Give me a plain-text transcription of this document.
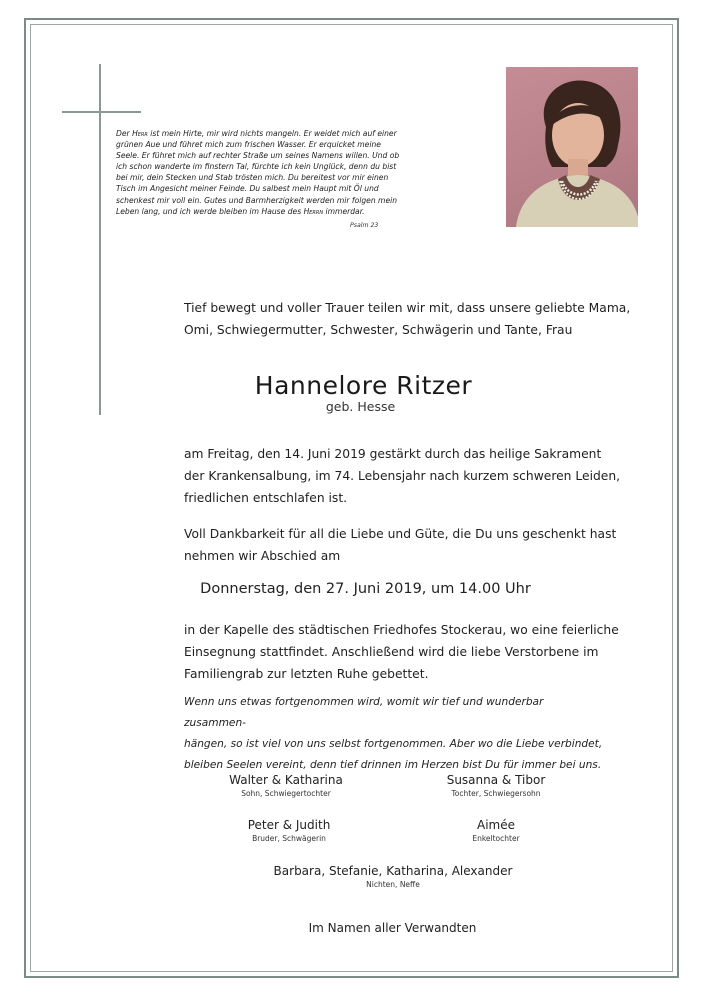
Der Herr ist mein Hirte, mir wird nichts mangeln. Er weidet mich auf einer grünen Aue und führet mich zum frischen Wasser. Er erquicket meine Seele. Er führet mich auf rechter Straße um seines Namens willen. Und ob ich schon wanderte im finstern Tal, fürchte ich kein Unglück, denn du bist bei mir, dein Stecken und Stab trösten mich. Du bereitest vor mir einen Tisch im Angesicht meiner Feinde. Du salbest mein Haupt mit Öl und schenkest mir voll ein. Gutes und Barmherzigkeit werden mir folgen mein Leben lang, und ich werde bleiben im Hause des Herrn immerdar.
Psalm 23
Tief bewegt und voller Trauer teilen wir mit, dass unsere geliebte Mama,
Omi, Schwiegermutter, Schwester, Schwägerin und Tante, Frau
Hannelore Ritzer
geb. Hesse
am Freitag, den 14. Juni 2019 gestärkt durch das heilige Sakrament
der Krankensalbung, im 74. Lebensjahr nach kurzem schweren Leiden,
friedlichen entschlafen ist.
Voll Dankbarkeit für all die Liebe und Güte, die Du uns geschenkt hast
nehmen wir Abschied am
Donnerstag, den 27. Juni 2019, um 14.00 Uhr
in der Kapelle des städtischen Friedhofes Stockerau, wo eine feierliche
Einsegnung stattfindet. Anschließend wird die liebe Verstorbene im
Familiengrab zur letzten Ruhe gebettet.
Wenn uns etwas fortgenommen wird, womit wir tief und wunderbar zusammen-
hängen, so ist viel von uns selbst fortgenommen. Aber wo die Liebe verbindet,
bleiben Seelen vereint, denn tief drinnen im Herzen bist Du für immer bei uns.
Walter & Katharina
Sohn, Schwiegertochter
Susanna & Tibor
Tochter, Schwiegersohn
Peter & Judith
Bruder, Schwägerin
Aimée
Enkeltochter
Barbara, Stefanie, Katharina, Alexander
Nichten, Neffe
Im Namen aller Verwandten
